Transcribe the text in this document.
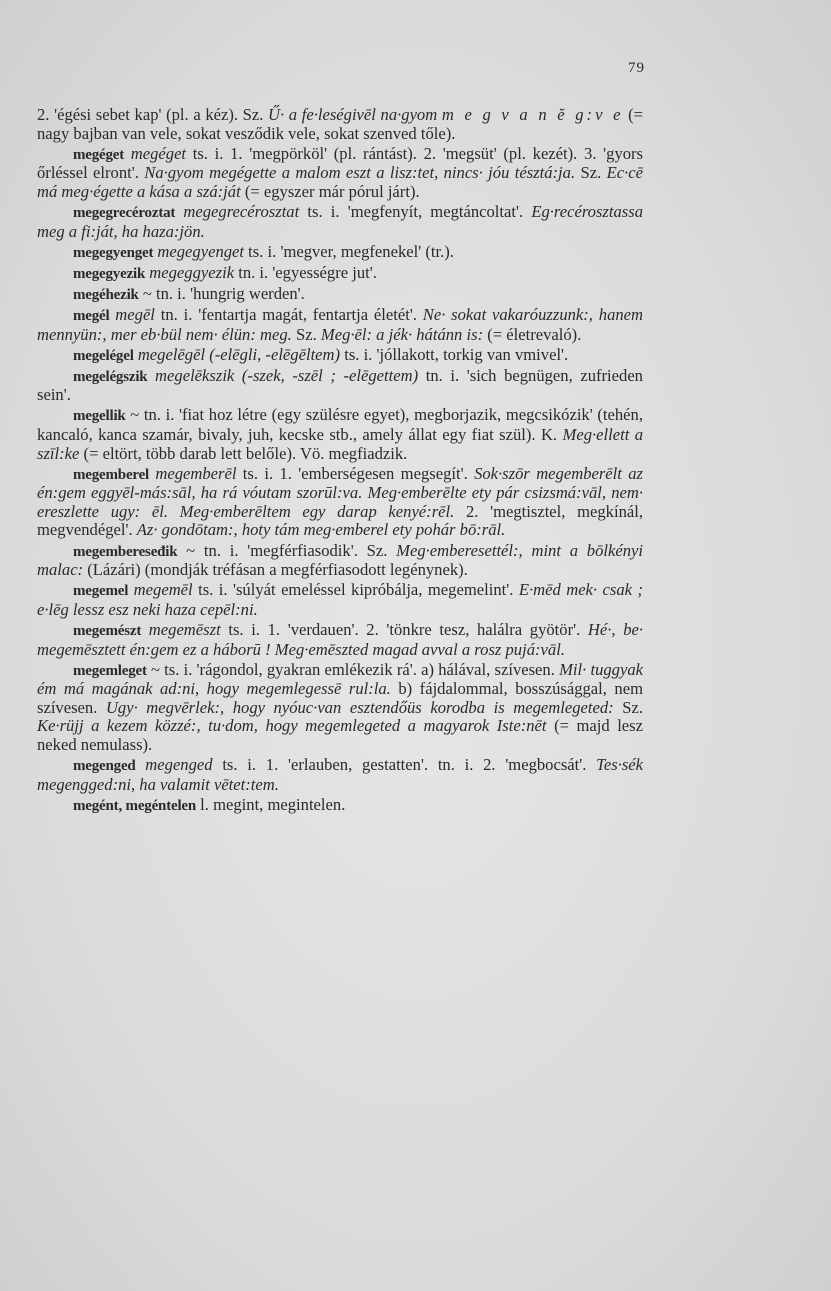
79

2. 'égési sebet kap' (pl. a kéz). Sz. Ű· a fe·leségivēl na·gyom m e g v a n ĕ g:v e (= nagy bajban van vele, sokat vesződik vele, sokat szenved tőle).

megéget megéget ts. i. 1. 'megpörköl' (pl. rántást). 2. 'megsüt' (pl. kezét). 3. 'gyors őrléssel elront'. Na·gyom megégette a malom eszt a lisz:tet, nincs· jóu tésztá:ja. Sz. Ec·cē má meg·égette a kása a szá:ját (= egyszer már pórul járt).

megegrecéroztat megegrecérosztat ts. i. 'megfenyít, megtáncoltat'. Eg·recérosztassa meg a fi:ját, ha haza:jön.

megegyenget megegyenget ts. i. 'megver, megfenekel' (tr.).

megegyezik megeggyezik tn. i. 'egyességre jut'.

megéhezik ~ tn. i. 'hungrig werden'.

megél megēl tn. i. 'fentartja magát, fentartja életét'. Ne· sokat vakaróuzzunk:, hanem mennyün:, mer eb·bül nem· élün: meg. Sz. Meg·ēl: a jék· hátánn is: (= életrevaló).

megelégel megelēgēl (-elēgli, -elēgēltem) ts. i. 'jóllakott, torkig van vmivel'.

megelégszik megelēkszik (-szek, -szēl ; -elēgettem) tn. i. 'sich begnügen, zufrieden sein'.

megellik ~ tn. i. 'fiat hoz létre (egy szülésre egyet), megborjazik, megcsikózik' (tehén, kancaló, kanca szamár, bivaly, juh, kecske stb., amely állat egy fiat szül). K. Meg·ellett a szīl:ke (= eltört, több darab lett belőle). Vö. megfiadzik.

megemberel megemberēl ts. i. 1. 'emberségesen megsegít'. Sok·szōr megemberēlt az én:gem eggyēl-más:sāl, ha rá vóutam szorūl:va. Meg·emberēlte ety pár csizsmá:vāl, nem· ereszlette ugy: ēl. Meg·emberēltem egy darap kenyé:rēl. 2. 'megtisztel, megkínál, megvendégel'. Az· gondōtam:, hoty tám meg·emberel ety pohár bō:rāl.

megembereseđik ~ tn. i. 'megférfiasodik'. Sz. Meg·emberesettél:, mint a bōlkényi malac: (Lázári) (mondják tréfásan a megférfiasodott legénynek).

megemel megemēl ts. i. 'súlyát emeléssel kipróbálja, megemelint'. E·mēd mek· csak ; e·lēg lessz esz neki haza cepēl:ni.

megemészt megemēszt ts. i. 1. 'verdauen'. 2. 'tönkre tesz, halálra gyötör'. Hé·, be· megemēsztett én:gem ez a háborū ! Meg·emēszted magad avval a rosz pujá:vāl.

megemleget ~ ts. i. 'rágondol, gyakran emlékezik rá'. a) hálával, szívesen. Mil· tuggyak ém má magának ad:ni, hogy megemlegessē rul:la. b) fájdalommal, bosszúsággal, nem szívesen. Ugy· megvērlek:, hogy nyóuc·van esztendőüs korodba is megemlegeted: Sz. Ke·rüjj a kezem közzé:, tu·dom, hogy megemlegeted a magyarok Iste:nēt (= majd lesz neked nemulass).

megenged megenged ts. i. 1. 'erlauben, gestatten'. tn. i. 2. 'megbocsát'. Tes·sék megengged:ni, ha valamit vētet:tem.

megént, megéntelen l. megint, megintelen.
